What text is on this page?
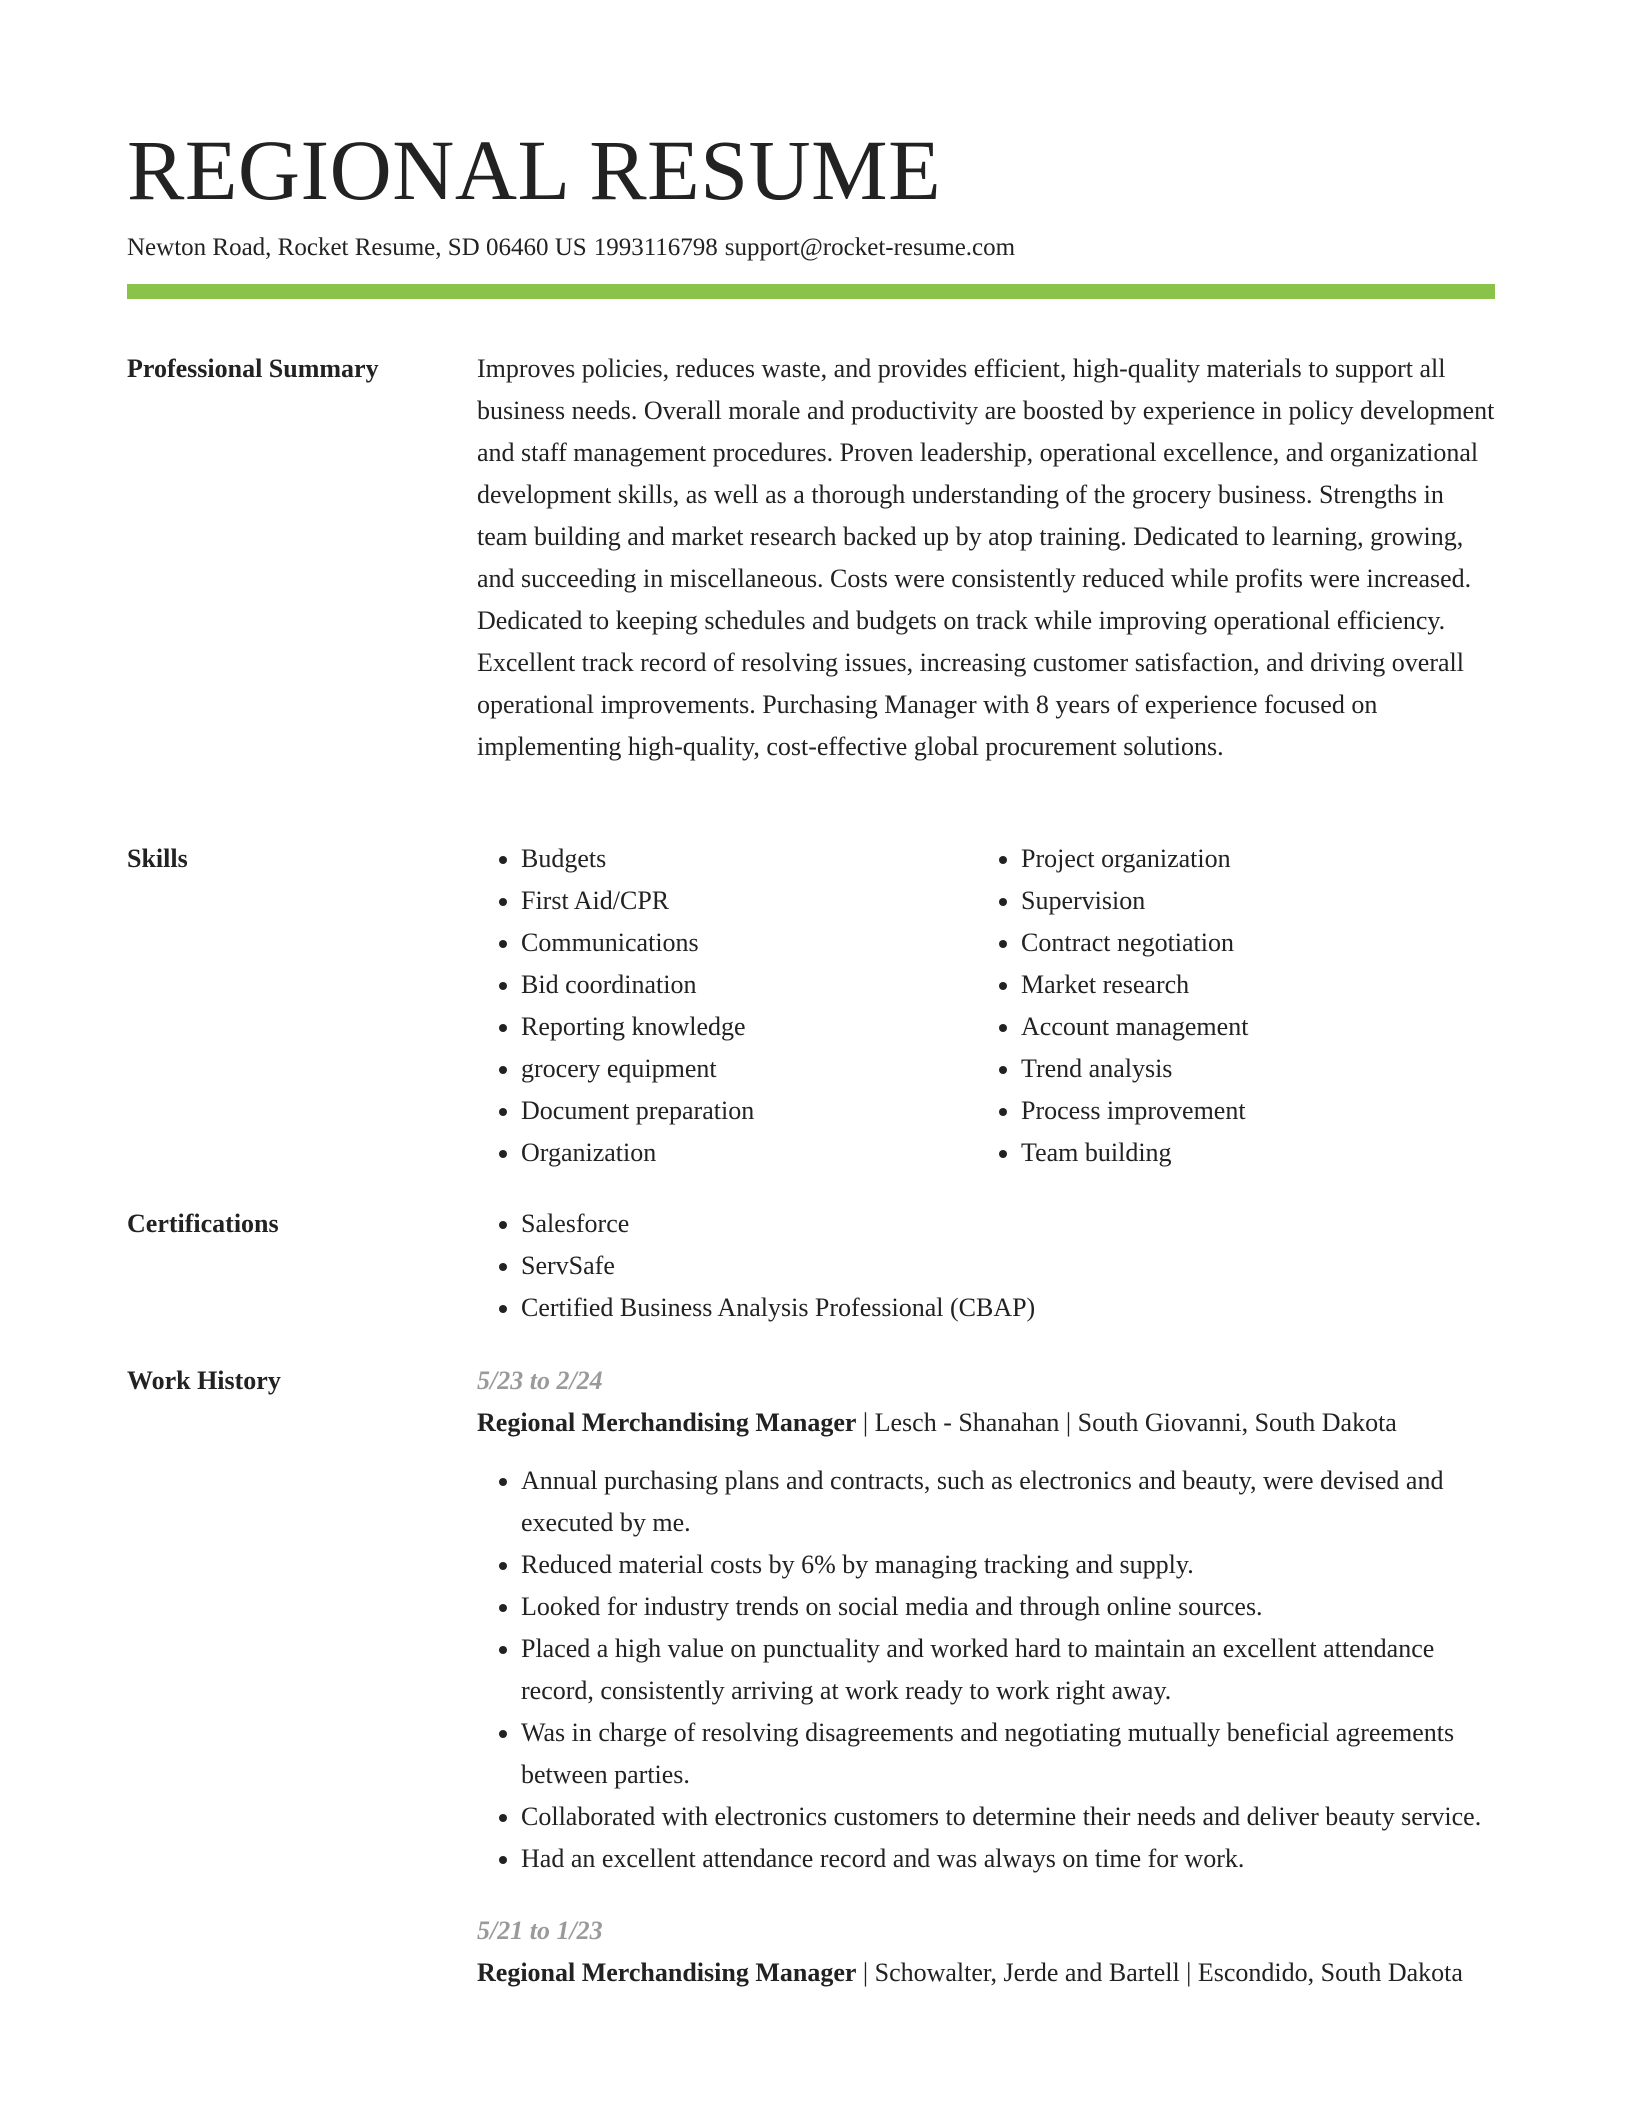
REGIONAL RESUME
Newton Road, Rocket Resume, SD 06460 US 1993116798 support@rocket-resume.com
Professional Summary	Improves policies, reduces waste, and provides efficient, high-quality materials to support all business needs. Overall morale and productivity are boosted by experience in policy development and staff management procedures. Proven leadership, operational excellence, and organizational development skills, as well as a thorough understanding of the grocery business. Strengths in team building and market research backed up by atop training. Dedicated to learning, growing, and succeeding in miscellaneous. Costs were consistently reduced while profits were increased. Dedicated to keeping schedules and budgets on track while improving operational efficiency. Excellent track record of resolving issues, increasing customer satisfaction, and driving overall operational improvements. Purchasing Manager with 8 years of experience focused on implementing high-quality, cost-effective global procurement solutions.

Skills	• Budgets
• First Aid/CPR
• Communications
• Bid coordination
• Reporting knowledge
• grocery equipment
• Document preparation
• Organization
• Project organization
• Supervision
• Contract negotiation
• Market research
• Account management
• Trend analysis
• Process improvement
• Team building
Certifications	• Salesforce
• ServSafe
• Certified Business Analysis Professional (CBAP)
Work History	5/23 to 2/24
Regional Merchandising Manager | Lesch - Shanahan | South Giovanni, South Dakota
• Annual purchasing plans and contracts, such as electronics and beauty, were devised and executed by me.
• Reduced material costs by 6% by managing tracking and supply.
• Looked for industry trends on social media and through online sources.
• Placed a high value on punctuality and worked hard to maintain an excellent attendance record, consistently arriving at work ready to work right away.
• Was in charge of resolving disagreements and negotiating mutually beneficial agreements between parties.
• Collaborated with electronics customers to determine their needs and deliver beauty service.
• Had an excellent attendance record and was always on time for work.
5/21 to 1/23
Regional Merchandising Manager | Schowalter, Jerde and Bartell | Escondido, South Dakota
